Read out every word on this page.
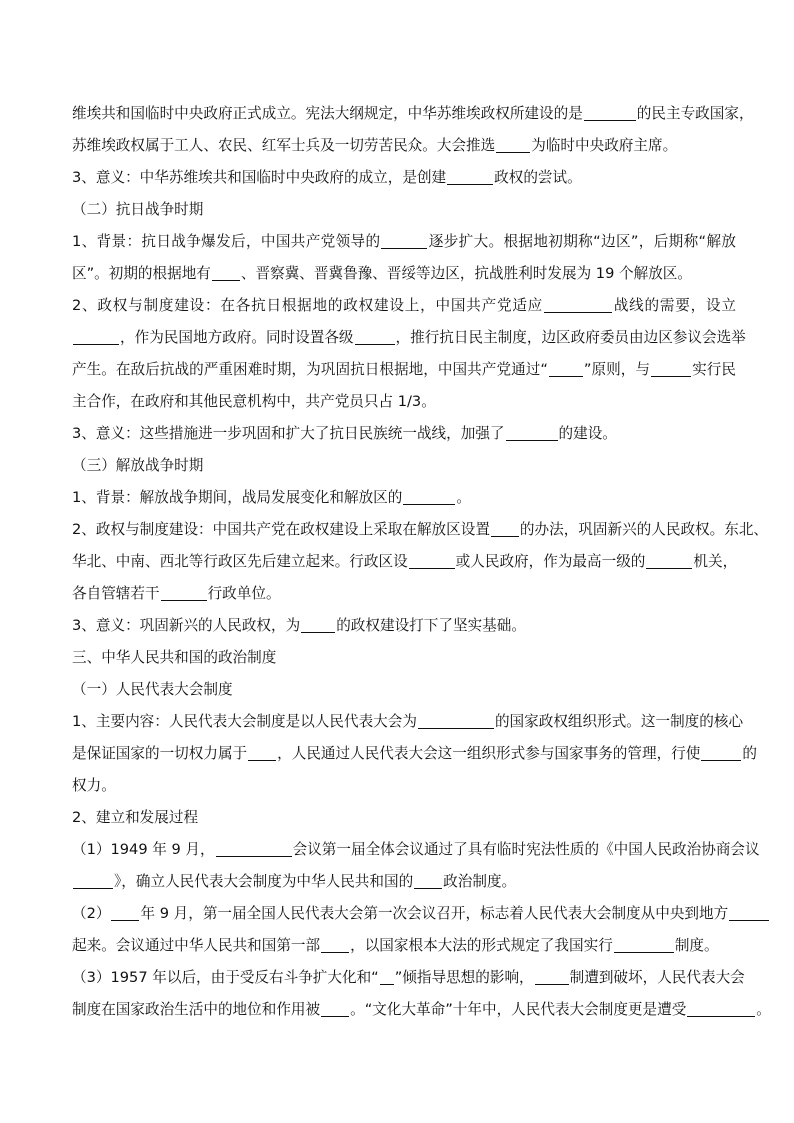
维埃共和国临时中央政府正式成立。宪法大纲规定，中华苏维埃政权所建设的是	的民主专政国家，
苏维埃政权属于工人、农民、红军士兵及一切劳苦民众。大会推选 为临时中央政府主席。
3、意义：中华苏维埃共和国临时中央政府的成立，是创建	政权的尝试。
（二）抗日战争时期
1、背景：抗日战争爆发后，中国共产党领导的	逐步扩大。根据地初期称“边区”，后期称“解放
区”。初期的根据地有 、晋察冀、晋冀鲁豫、晋绥等边区，抗战胜利时发展为 19 个解放区。
2、政权与制度建设：在各抗日根据地的政权建设上，中国共产党适应	战线的需要，设立
，作为民国地方政府。同时设置各级	，推行抗日民主制度，边区政府委员由边区参议会选举
产生。在敌后抗战的严重困难时期，为巩固抗日根据地，中国共产党通过“ ”原则，与	实行民
主合作，在政府和其他民意机构中，共产党员只占 1/3。
3、意义：这些措施进一步巩固和扩大了抗日民族统一战线，加强了	的建设。
（三）解放战争时期
1、背景：解放战争期间，战局发展变化和解放区的	。
2、政权与制度建设：中国共产党在政权建设上采取在解放区设置 的办法，巩固新兴的人民政权。东北、
华北、中南、西北等行政区先后建立起来。行政区设	或人民政府，作为最高一级的	机关，
各自管辖若干	行政单位。
3、意义：巩固新兴的人民政权，为 的政权建设打下了坚实基础。
三、中华人民共和国的政治制度
（一）人民代表大会制度
1、主要内容：人民代表大会制度是以人民代表大会为	的国家政权组织形式。这一制度的核心
是保证国家的一切权力属于 ，人民通过人民代表大会这一组织形式参与国家事务的管理，行使	的
权力。
2、建立和发展过程
（1）1949 年 9 月，	会议第一届全体会议通过了具有临时宪法性质的《中国人民政治协商会议
》，确立人民代表大会制度为中华人民共和国的 政治制度。
（2） 年 9 月，第一届全国人民代表大会第一次会议召开，标志着人民代表大会制度从中央到地方
起来。会议通过中华人民共和国第一部 ，以国家根本大法的形式规定了我国实行	制度。
（3）1957 年以后，由于受反右斗争扩大化和“ ”倾指导思想的影响， 制遭到破坏，人民代表大会
制度在国家政治生活中的地位和作用被 。“文化大革命”十年中，人民代表大会制度更是遭受	。
